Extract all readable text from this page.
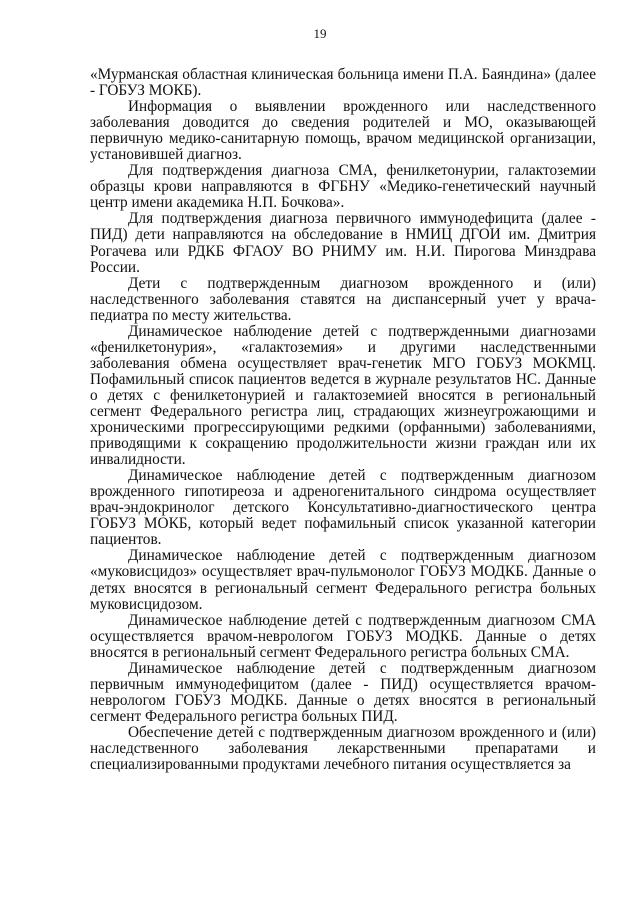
19

«Мурманская областная клиническая больница имени П.А. Баяндина» (далее - ГОБУЗ МОКБ).

Информация о выявлении врожденного или наследственного заболевания доводится до сведения родителей и МО, оказывающей первичную медико-санитарную помощь, врачом медицинской организации, установившей диагноз.

Для подтверждения диагноза СМА, фенилкетонурии, галактоземии образцы крови направляются в ФГБНУ «Медико-генетический научный центр имени академика Н.П. Бочкова».

Для подтверждения диагноза первичного иммунодефицита (далее - ПИД) дети направляются на обследование в НМИЦ ДГОИ им. Дмитрия Рогачева или РДКБ ФГАОУ ВО РНИМУ им. Н.И. Пирогова Минздрава России.

Дети с подтвержденным диагнозом врожденного и (или) наследственного заболевания ставятся на диспансерный учет у врача-педиатра по месту жительства.

Динамическое наблюдение детей с подтвержденными диагнозами «фенилкетонурия», «галактоземия» и другими наследственными заболевания обмена осуществляет врач-генетик МГО ГОБУЗ МОКМЦ. Пофамильный список пациентов ведется в журнале результатов НС. Данные о детях с фенилкетонурией и галактоземией вносятся в региональный сегмент Федерального регистра лиц, страдающих жизнеугрожающими и хроническими прогрессирующими редкими (орфанными) заболеваниями, приводящими к сокращению продолжительности жизни граждан или их инвалидности.

Динамическое наблюдение детей с подтвержденным диагнозом врожденного гипотиреоза и адреногенитального синдрома осуществляет врач-эндокринолог детского Консультативно-диагностического центра ГОБУЗ МОКБ, который ведет пофамильный список указанной категории пациентов.

Динамическое наблюдение детей с подтвержденным диагнозом «муковисцидоз» осуществляет врач-пульмонолог ГОБУЗ МОДКБ. Данные о детях вносятся в региональный сегмент Федерального регистра больных муковисцидозом.

Динамическое наблюдение детей с подтвержденным диагнозом СМА осуществляется врачом-неврологом ГОБУЗ МОДКБ. Данные о детях вносятся в региональный сегмент Федерального регистра больных СМА.

Динамическое наблюдение детей с подтвержденным диагнозом первичным иммунодефицитом (далее - ПИД) осуществляется врачом-неврологом ГОБУЗ МОДКБ. Данные о детях вносятся в региональный сегмент Федерального регистра больных ПИД.

Обеспечение детей с подтвержденным диагнозом врожденного и (или) наследственного заболевания лекарственными препаратами и специализированными продуктами лечебного питания осуществляется за
